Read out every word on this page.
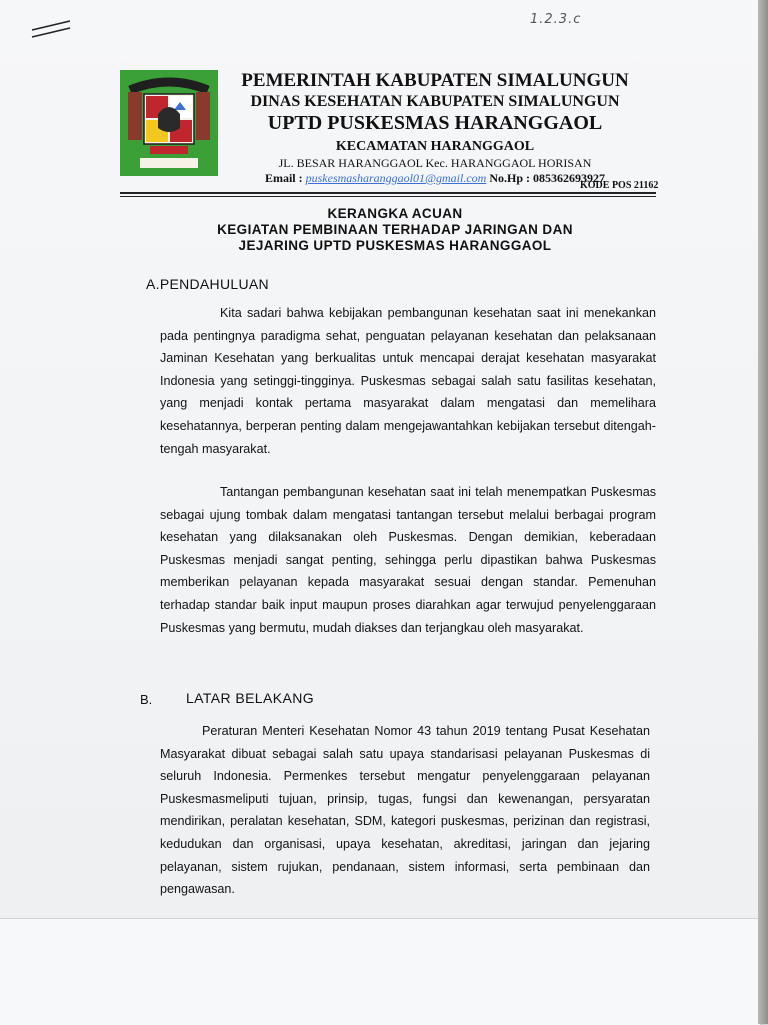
1.2.3.c
PEMERINTAH KABUPATEN SIMALUNGUN
DINAS KESEHATAN KABUPATEN SIMALUNGUN
UPTD PUSKESMAS HARANGGAOL
KECAMATAN HARANGGAOL
JL. BESAR HARANGGAOL Kec. HARANGGAOL HORISAN
Email : puskesmasharanggaol01@gmail.com No.Hp : 085362693927
KODE POS 21162
KERANGKA ACUAN
KEGIATAN PEMBINAAN TERHADAP JARINGAN DAN
JEJARING UPTD PUSKESMAS HARANGGAOL
A.PENDAHULUAN

Kita sadari bahwa kebijakan pembangunan kesehatan saat ini menekankan pada pentingnya paradigma sehat, penguatan pelayanan kesehatan dan pelaksanaan Jaminan Kesehatan yang berkualitas untuk mencapai derajat kesehatan masyarakat Indonesia yang setinggi-tingginya. Puskesmas sebagai salah satu fasilitas kesehatan, yang menjadi kontak pertama masyarakat dalam mengatasi dan memelihara kesehatannya, berperan penting dalam mengejawantahkan kebijakan tersebut ditengah- tengah masyarakat.

Tantangan pembangunan kesehatan saat ini telah menempatkan Puskesmas sebagai ujung tombak dalam mengatasi tantangan tersebut melalui berbagai program kesehatan yang dilaksanakan oleh Puskesmas. Dengan demikian, keberadaan Puskesmas menjadi sangat penting, sehingga perlu dipastikan bahwa Puskesmas memberikan pelayanan kepada masyarakat sesuai dengan standar. Pemenuhan terhadap standar baik input maupun proses diarahkan agar terwujud penyelenggaraan Puskesmas yang bermutu, mudah diakses dan terjangkau oleh masyarakat.

B. LATAR BELAKANG

Peraturan Menteri Kesehatan Nomor 43 tahun 2019 tentang Pusat Kesehatan Masyarakat dibuat sebagai salah satu upaya standarisasi pelayanan Puskesmas di seluruh Indonesia. Permenkes tersebut mengatur penyelenggaraan pelayanan Puskesmasmeliputi tujuan, prinsip, tugas, fungsi dan kewenangan, persyaratan mendirikan, peralatan kesehatan, SDM, kategori puskesmas, perizinan dan registrasi, kedudukan dan organisasi, upaya kesehatan, akreditasi, jaringan dan jejaring pelayanan, sistem rujukan, pendanaan, sistem informasi, serta pembinaan dan pengawasan.
